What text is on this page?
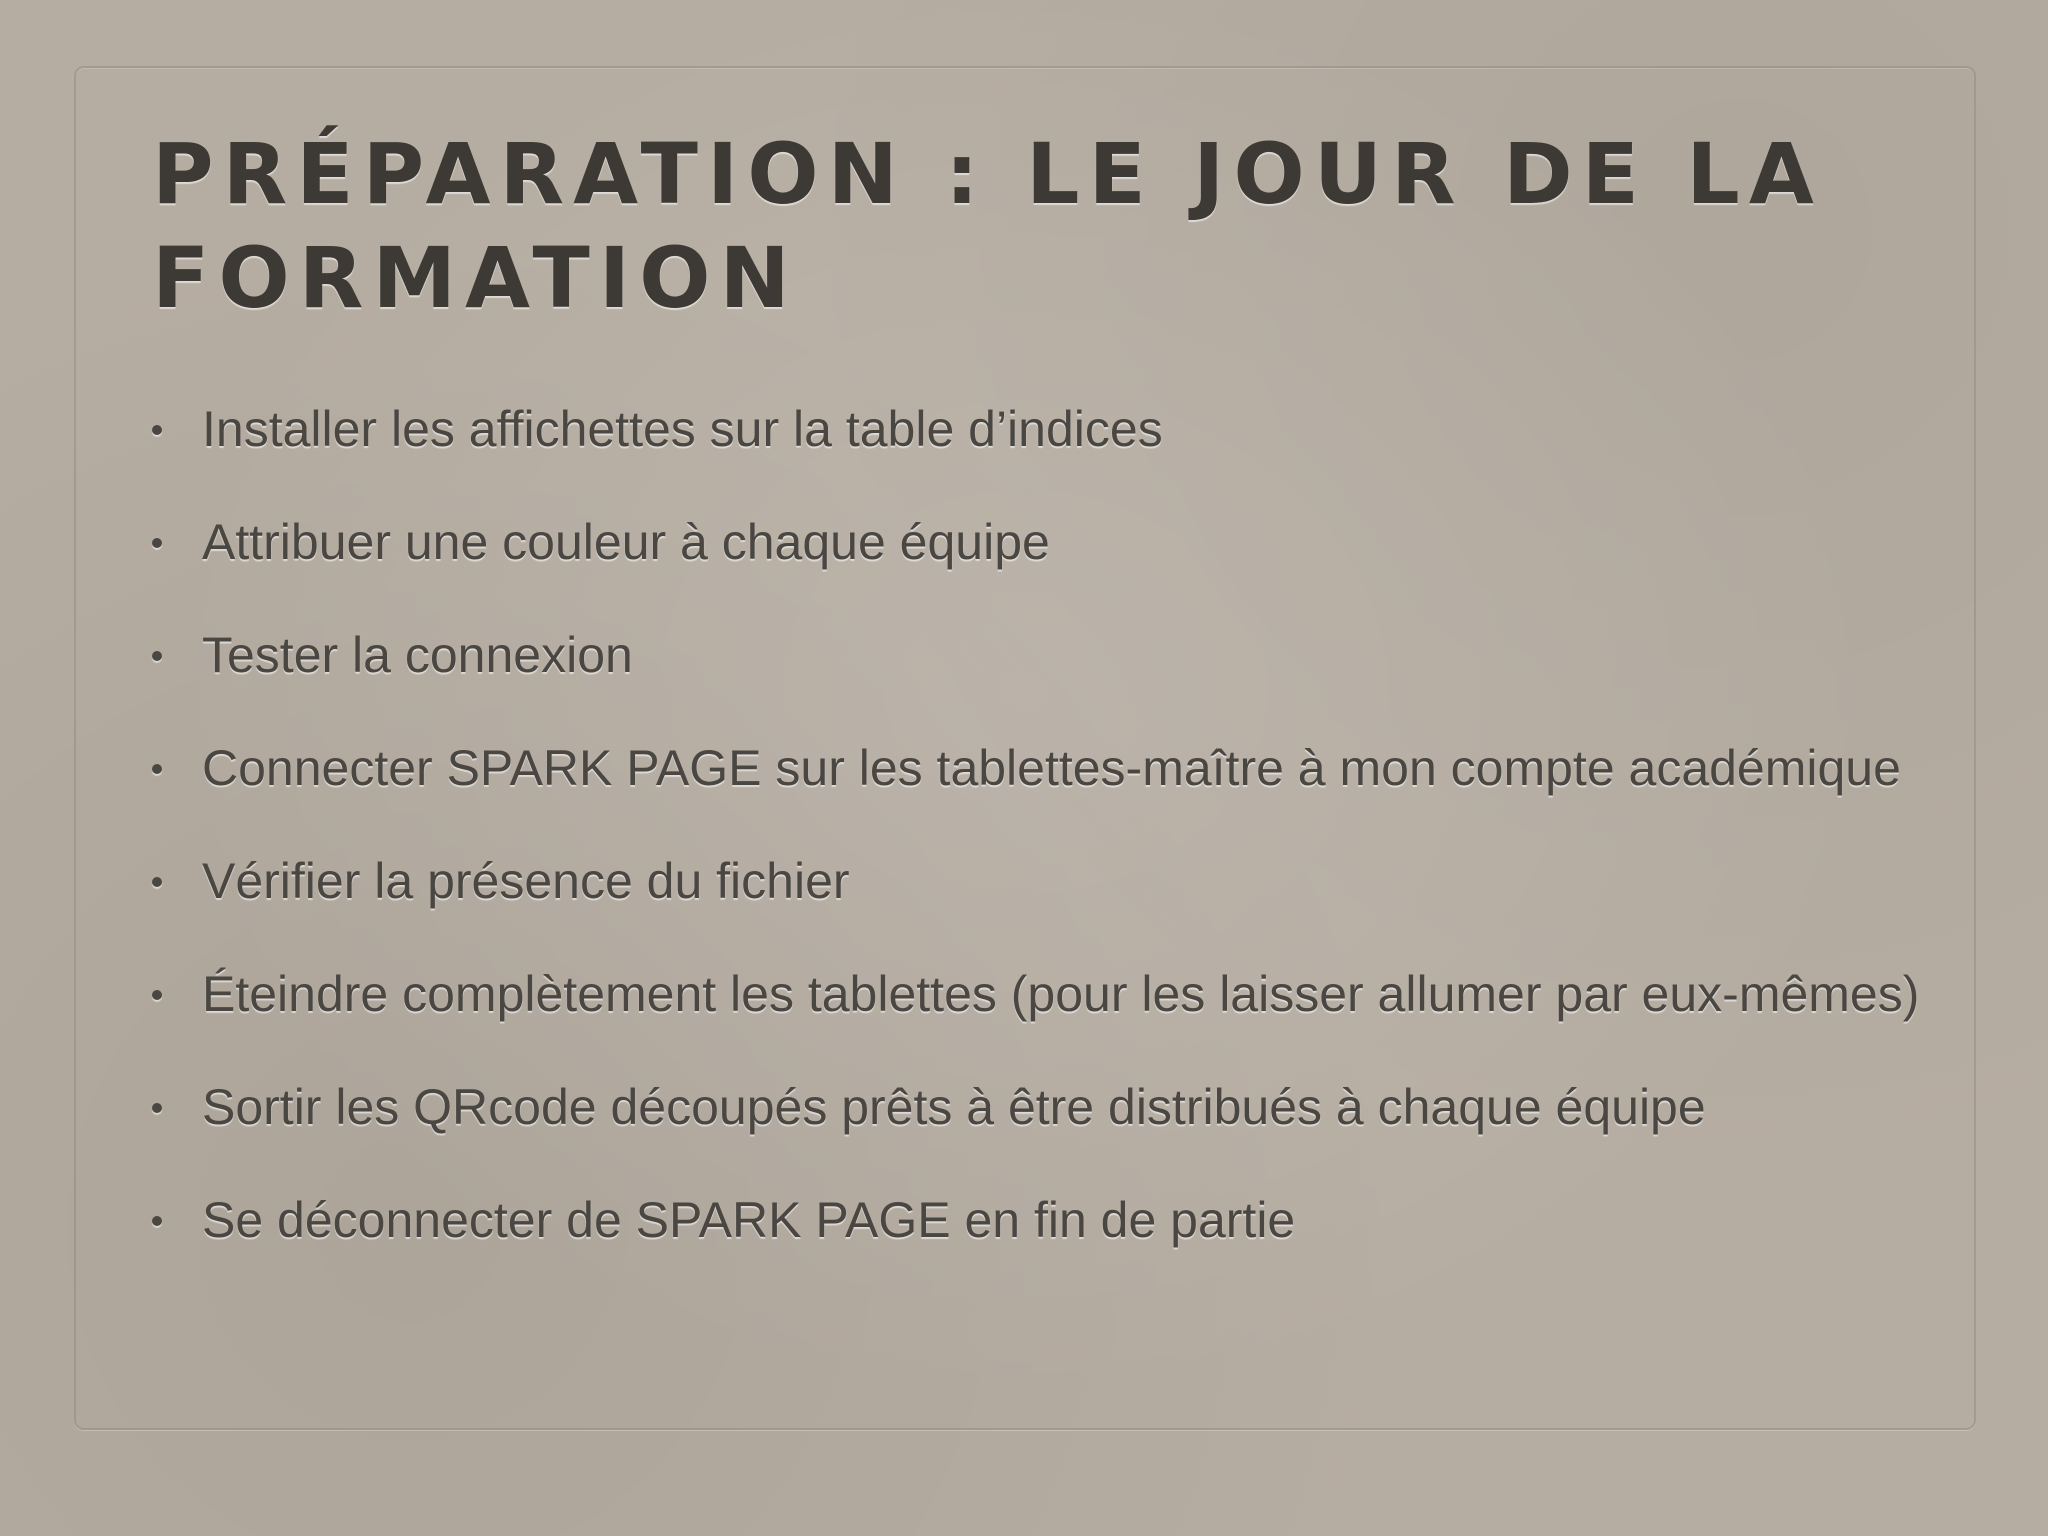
PRÉPARATION : LE JOUR DE LA FORMATION
Installer les affichettes sur la table d’indices
Attribuer une couleur à chaque équipe
Tester la connexion
Connecter SPARK PAGE sur les tablettes-maître à mon compte académique
Vérifier la présence du fichier
Éteindre complètement les tablettes (pour les laisser allumer par eux-mêmes)
Sortir les QRcode découpés prêts à être distribués à chaque équipe
Se déconnecter de SPARK PAGE en fin de partie
